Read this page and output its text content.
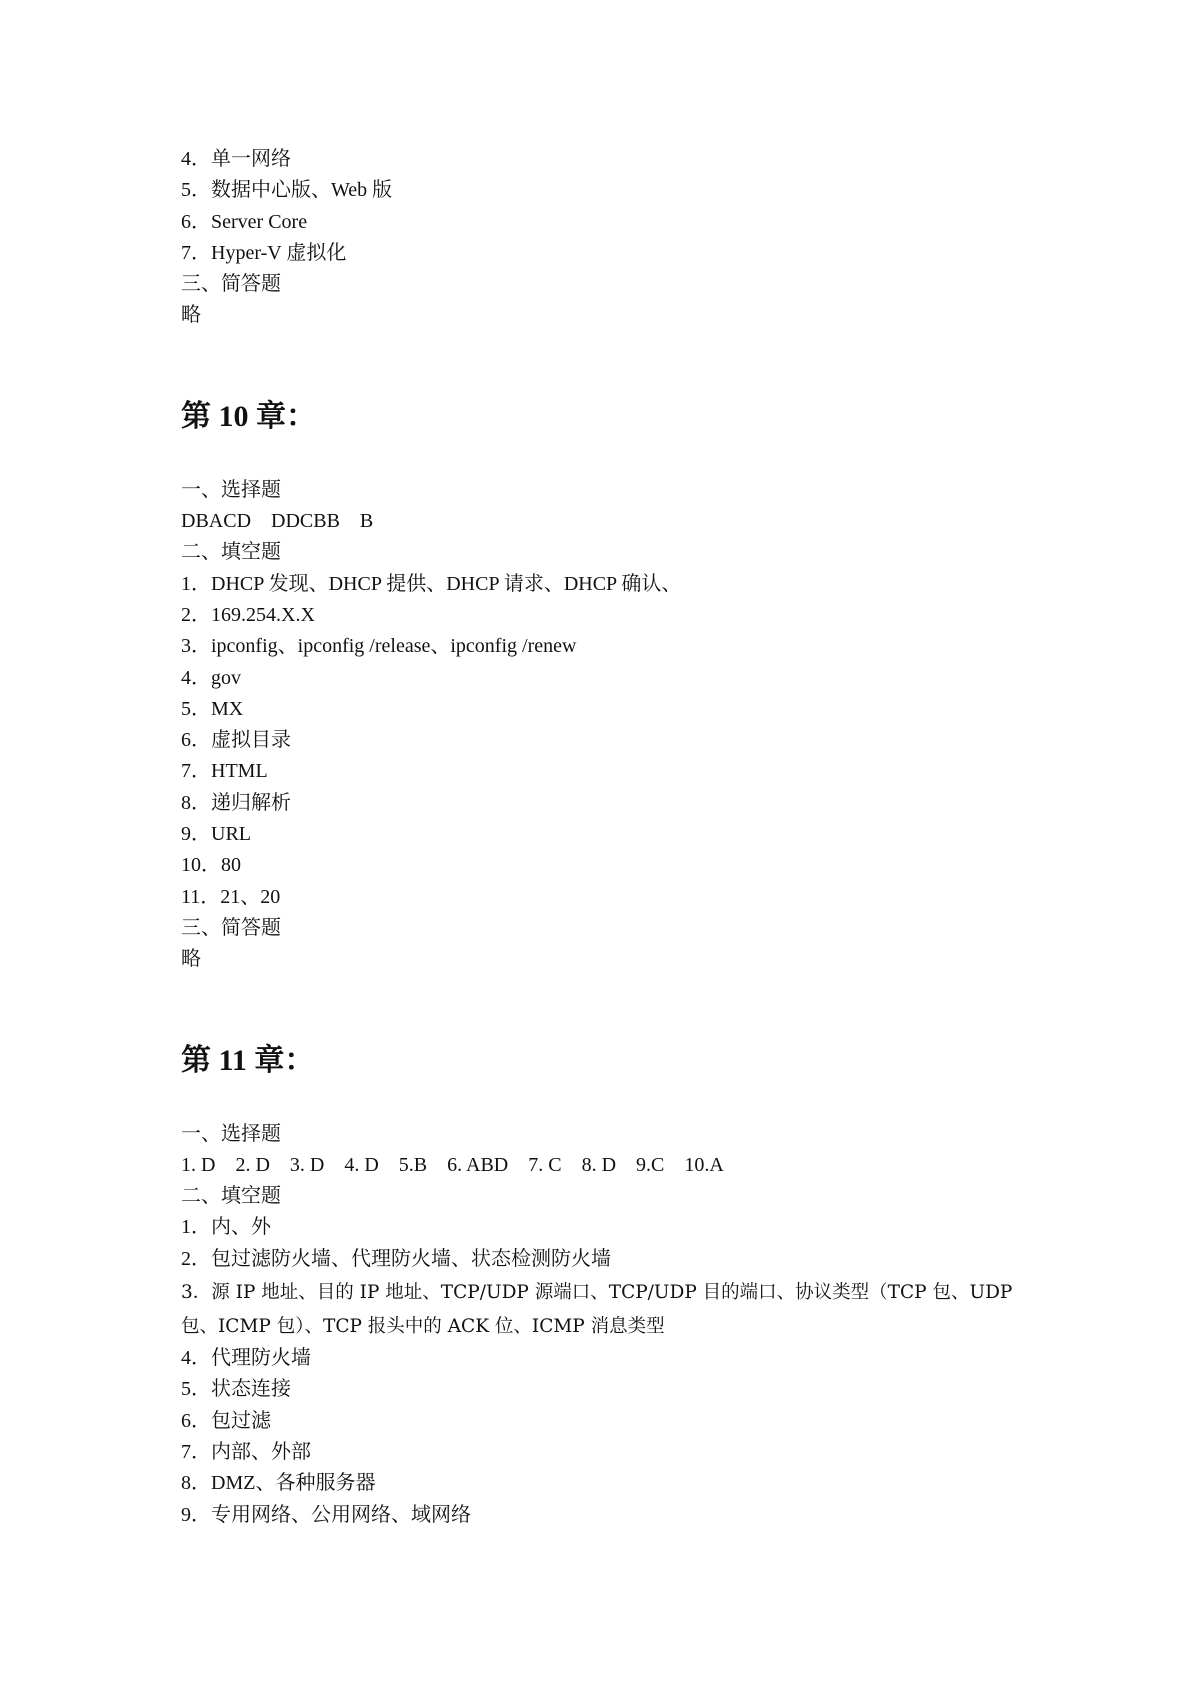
4．单一网络

5．数据中心版、Web 版

6．Server Core

7．Hyper-V 虚拟化

三、简答题

略

第 10 章：

一、选择题

DBACD　DDCBB　B

二、填空题

1．DHCP 发现、DHCP 提供、DHCP 请求、DHCP 确认、

2．169.254.X.X

3．ipconfig、ipconfig /release、ipconfig /renew

4．gov

5．MX

6．虚拟目录

7．HTML

8．递归解析

9．URL

10．80

11．21、20

三、简答题

略

第 11 章：

一、选择题

1. D　2. D　3. D　4. D　5.B　6. ABD　7. C　8. D　9.C　10.A

二、填空题

1．内、外

2．包过滤防火墙、代理防火墙、状态检测防火墙

3．源 IP 地址、目的 IP 地址、TCP/UDP 源端口、TCP/UDP 目的端口、协议类型（TCP 包、UDP

包、ICMP 包）、TCP 报头中的 ACK 位、ICMP 消息类型

4．代理防火墙

5．状态连接

6．包过滤

7．内部、外部

8．DMZ、各种服务器

9．专用网络、公用网络、域网络
